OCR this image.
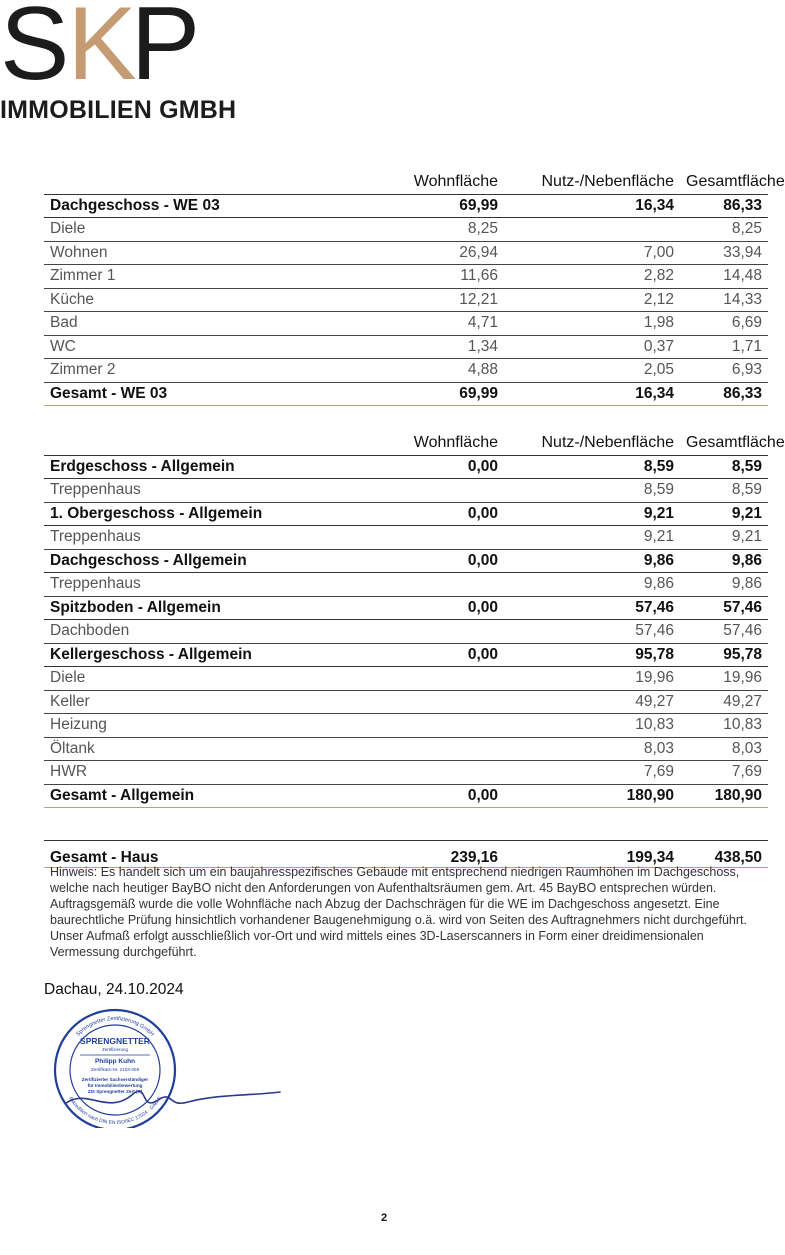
SKP
IMMOBILIEN GMBH
	Wohnfläche	Nutz-/Nebenfläche	Gesamtfläche
Dachgeschoss - WE 03	69,99	16,34	86,33
Diele	8,25		8,25
Wohnen	26,94	7,00	33,94
Zimmer 1	11,66	2,82	14,48
Küche	12,21	2,12	14,33
Bad	4,71	1,98	6,69
WC	1,34	0,37	1,71
Zimmer 2	4,88	2,05	6,93
Gesamt - WE 03	69,99	16,34	86,33
	Wohnfläche	Nutz-/Nebenfläche	Gesamtfläche
Erdgeschoss - Allgemein	0,00	8,59	8,59
Treppenhaus		8,59	8,59
1. Obergeschoss - Allgemein	0,00	9,21	9,21
Treppenhaus		9,21	9,21
Dachgeschoss - Allgemein	0,00	9,86	9,86
Treppenhaus		9,86	9,86
Spitzboden - Allgemein	0,00	57,46	57,46
Dachboden		57,46	57,46
Kellergeschoss - Allgemein	0,00	95,78	95,78
Diele		19,96	19,96
Keller		49,27	49,27
Heizung		10,83	10,83
Öltank		8,03	8,03
HWR		7,69	7,69
Gesamt - Allgemein	0,00	180,90	180,90
Gesamt - Haus	239,16	199,34	438,50
Hinweis: Es handelt sich um ein baujahresspezifisches Gebäude mit entsprechend niedrigen Raumhöhen im Dachgeschoss, welche nach heutiger BayBO nicht den Anforderungen von Aufenthaltsräumen gem. Art. 45 BayBO entsprechen würden. Auftragsgemäß wurde die volle Wohnfläche nach Abzug der Dachschrägen für die WE im Dachgeschoss angesetzt. Eine baurechtliche Prüfung hinsichtlich vorhandener Baugenehmigung o.ä. wird von Seiten des Auftragnehmers nicht durchgeführt. Unser Aufmaß erfolgt ausschließlich vor-Ort und wird mittels eines 3D-Laserscanners in Form einer dreidimensionalen Vermessung durchgeführt.
Dachau, 24.10.2024
Sprengnetter Zertifizierung GmbH
Akkreditiert nach DIN EN ISO/IEC 17024 · DAkkS
SPRENGNETTER
Zertifizierung
Philipp Kuhn
Zertifikats-Nr. 2103-009
Zertifizierter Sachverständiger
für Immobilienbewertung
ZIS Sprengnetter Zert (S)
2
